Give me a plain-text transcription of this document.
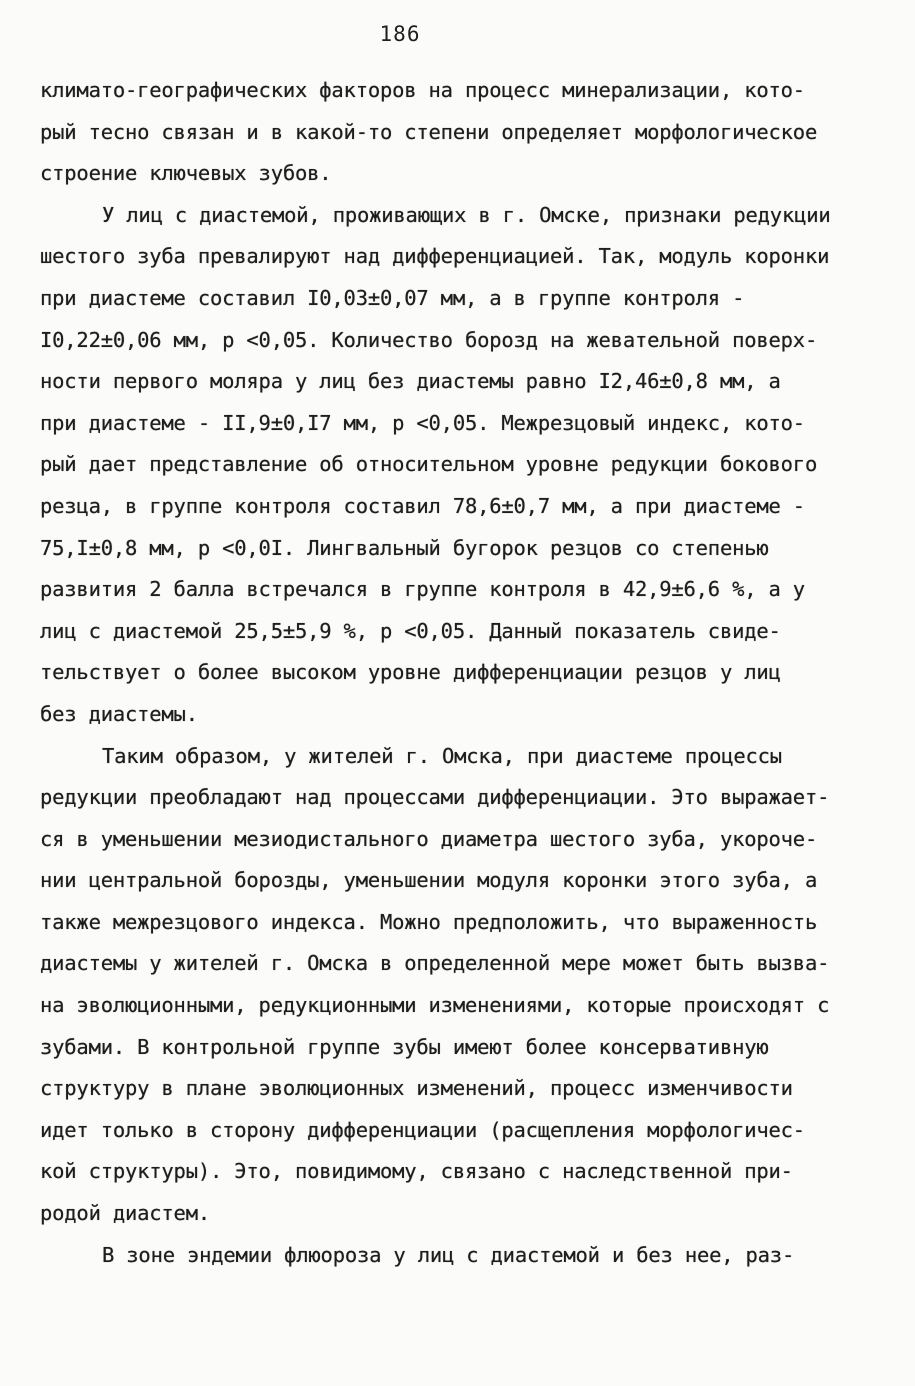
186
климато-географических факторов на процесс минерализации, кото-
рый тесно связан и в какой-то степени определяет морфологическое
строение ключевых зубов.
У лиц с диастемой, проживающих в г. Омске, признаки редукции
шестого зуба превалируют над дифференциацией. Так, модуль коронки
при диастеме составил I0,03±0,07 мм, а в группе контроля -
I0,22±0,06 мм, р <0,05. Количество борозд на жевательной поверх-
ности первого моляра у лиц без диастемы равно I2,46±0,8 мм, а
при диастеме - II,9±0,I7 мм, р <0,05. Межрезцовый индекс, кото-
рый дает представление об относительном уровне редукции бокового
резца, в группе контроля составил 78,6±0,7 мм, а при диастеме -
75,I±0,8 мм, р <0,0I. Лингвальный бугорок резцов со степенью
развития 2 балла встречался в группе контроля в 42,9±6,6 %, а у
лиц с диастемой 25,5±5,9 %, р <0,05. Данный показатель свиде-
тельствует о более высоком уровне дифференциации резцов у лиц
без диастемы.
Таким образом, у жителей г. Омска, при диастеме процессы
редукции преобладают над процессами дифференциации. Это выражает-
ся в уменьшении мезиодистального диаметра шестого зуба, укороче-
нии центральной борозды, уменьшении модуля коронки этого зуба, а
также межрезцового индекса. Можно предположить, что выраженность
диастемы у жителей г. Омска в определенной мере может быть вызва-
на эволюционными, редукционными изменениями, которые происходят с
зубами. В контрольной группе зубы имеют более консервативную
структуру в плане эволюционных изменений, процесс изменчивости
идет только в сторону дифференциации (расщепления морфологичес-
кой структуры). Это, повидимому, связано с наследственной при-
родой диастем.
В зоне эндемии флюороза у лиц с диастемой и без нее, раз-
